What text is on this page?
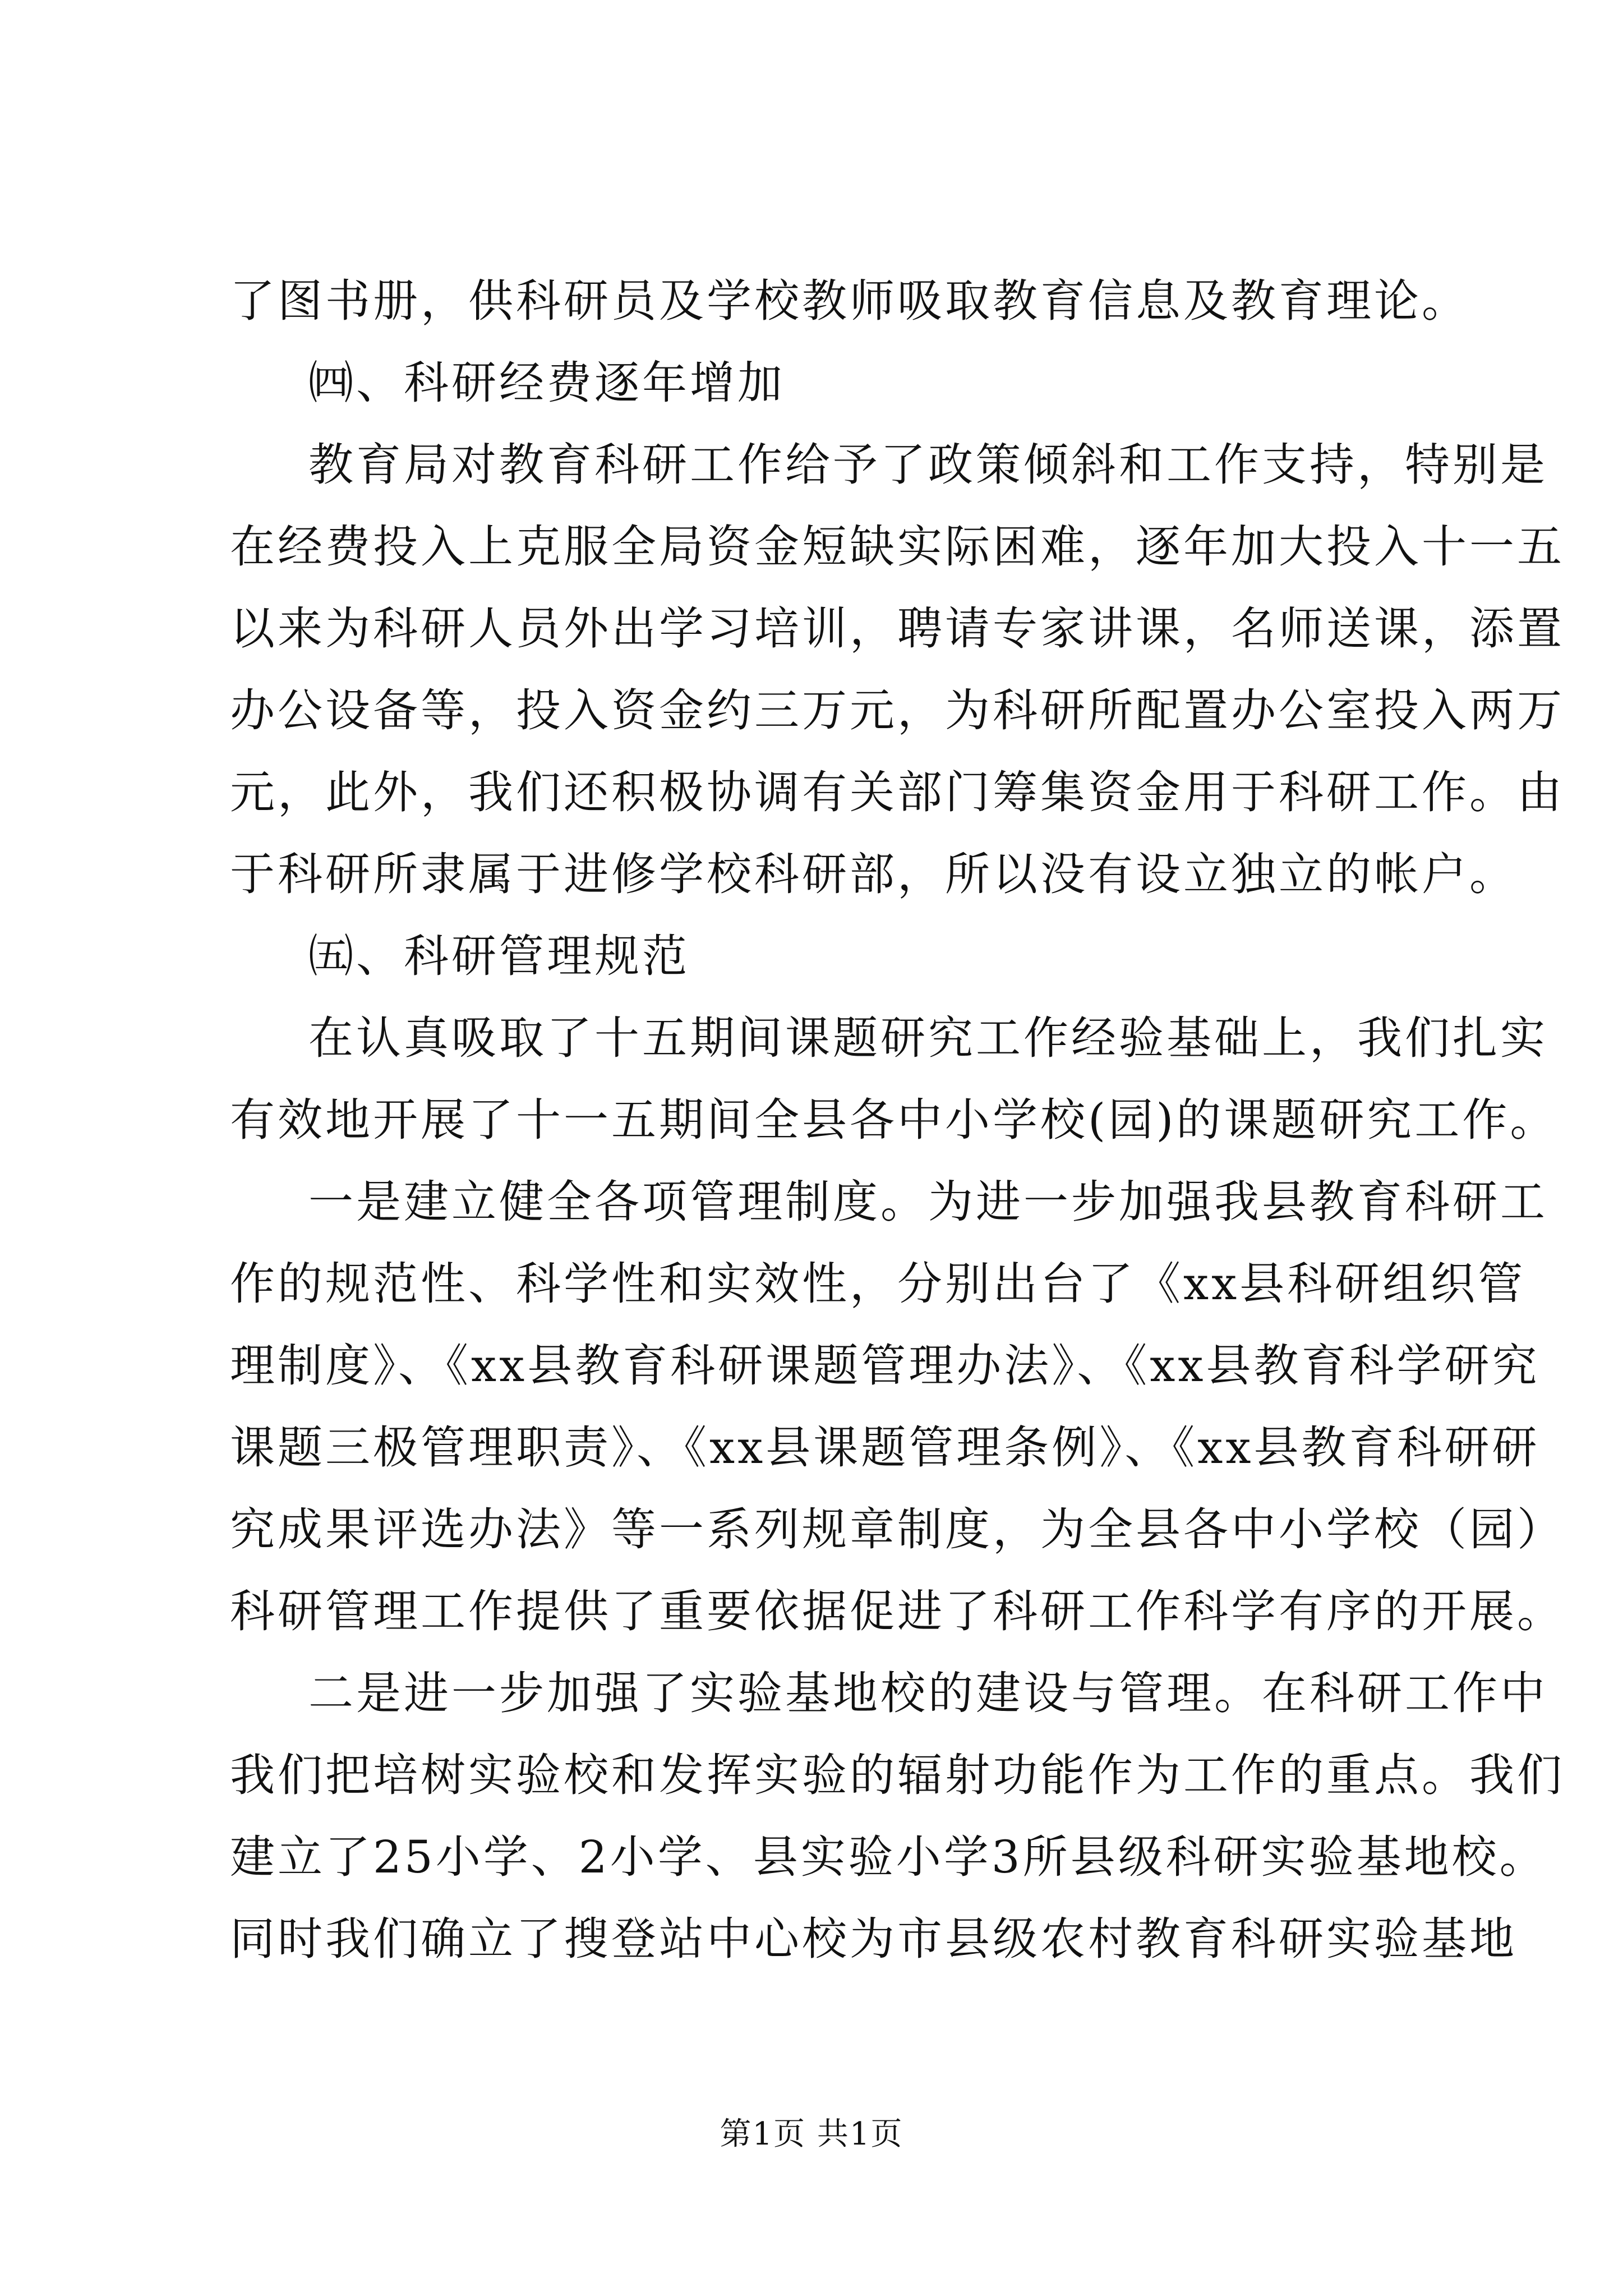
了图书册，供科研员及学校教师吸取教育信息及教育理论。
㈣、科研经费逐年增加
教育局对教育科研工作给予了政策倾斜和工作支持，特别是
在经费投入上克服全局资金短缺实际困难，逐年加大投入十一五
以来为科研人员外出学习培训，聘请专家讲课，名师送课，添置
办公设备等，投入资金约三万元，为科研所配置办公室投入两万
元，此外，我们还积极协调有关部门筹集资金用于科研工作。由
于科研所隶属于进修学校科研部，所以没有设立独立的帐户。
㈤、科研管理规范
在认真吸取了十五期间课题研究工作经验基础上，我们扎实
有效地开展了十一五期间全县各中小学校(园)的课题研究工作。
一是建立健全各项管理制度。为进一步加强我县教育科研工
作的规范性、科学性和实效性，分别出台了《xx县科研组织管
理制度》、《xx县教育科研课题管理办法》、《xx县教育科学研究
课题三极管理职责》、《xx县课题管理条例》、《xx县教育科研研
究成果评选办法》等一系列规章制度，为全县各中小学校（园）
科研管理工作提供了重要依据促进了科研工作科学有序的开展。
二是进一步加强了实验基地校的建设与管理。在科研工作中
我们把培树实验校和发挥实验的辐射功能作为工作的重点。我们
建立了25小学、2小学、县实验小学3所县级科研实验基地校。
同时我们确立了搜登站中心校为市县级农村教育科研实验基地
第1页 共1页
